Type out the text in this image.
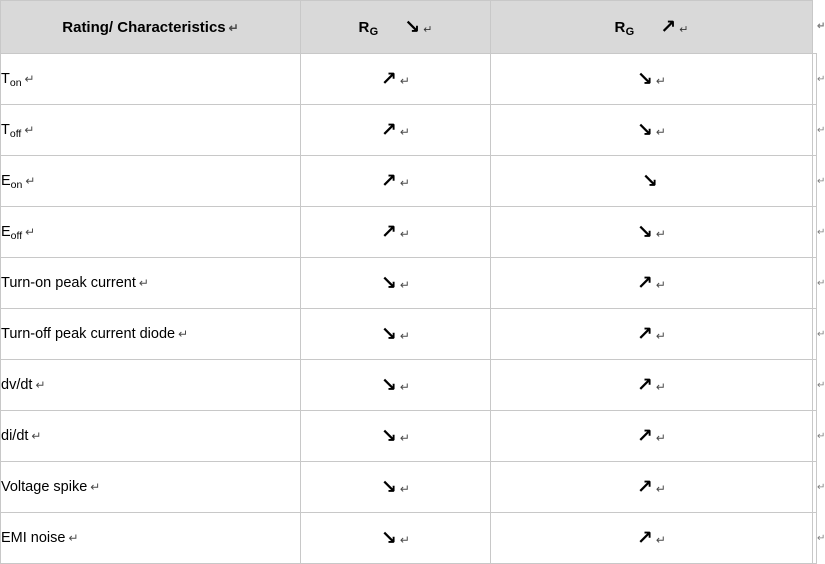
Rating/ Characteristics ↵	$R_G$ ↘ ↵	$R_G$ ↗ ↵	↵

$T_{on}$ ↵	↗ ↵	↘ ↵	↵

$T_{off}$ ↵	↗ ↵	↘ ↵	↵

$E_{on}$ ↵	↗ ↵	↘	↵

$E_{off}$ ↵	↗ ↵	↘ ↵	↵

Turn-on peak current ↵	↘ ↵	↗ ↵	↵

Turn-off peak current diode ↵	↘ ↵	↗ ↵	↵

dv/dt ↵	↘ ↵	↗ ↵	↵

di/dt ↵	↘ ↵	↗ ↵	↵

Voltage spike ↵	↘ ↵	↗ ↵	↵

EMI noise ↵	↘ ↵	↗ ↵	↵
